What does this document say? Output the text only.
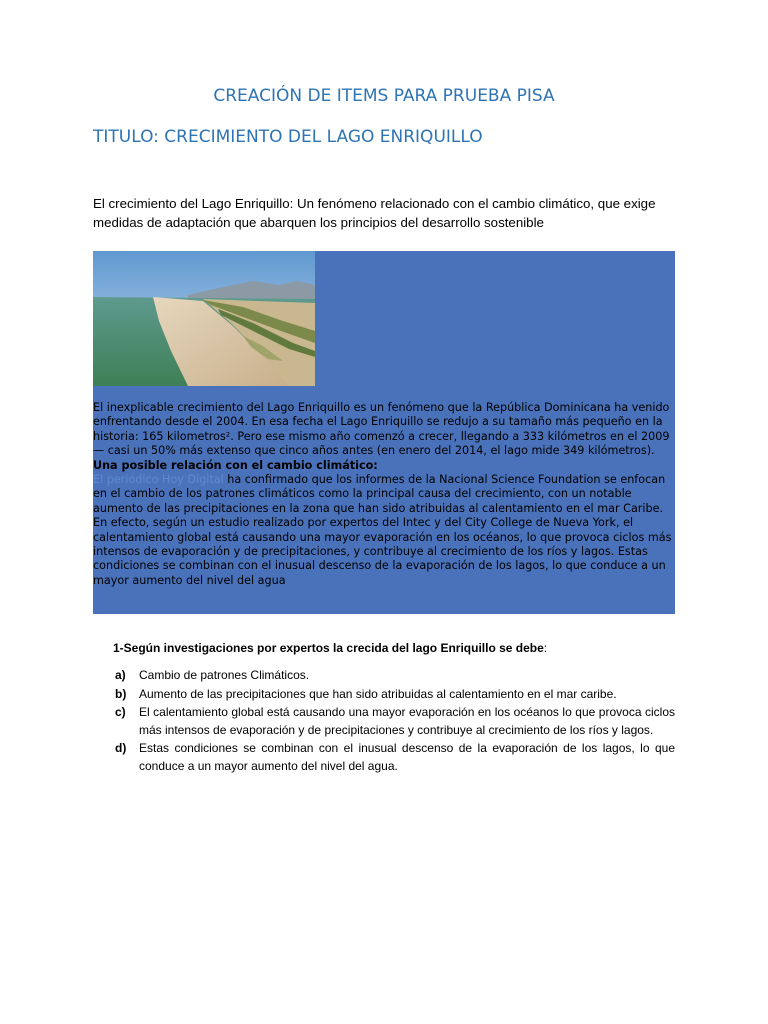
CREACIÓN DE ITEMS PARA PRUEBA PISA
TITULO: CRECIMIENTO DEL LAGO ENRIQUILLO

El crecimiento del Lago Enriquillo: Un fenómeno relacionado con el cambio climático, que exige medidas de adaptación que abarquen los principios del desarrollo sostenible

El inexplicable crecimiento del Lago Enriquillo es un fenómeno que la República Dominicana ha venido enfrentando desde el 2004. En esa fecha el Lago Enriquillo se redujo a su tamaño más pequeño en la historia: 165 kilometros². Pero ese mismo año comenzó a crecer, llegando a 333 kilómetros en el 2009 — casi un 50% más extenso que cinco años antes (en enero del 2014, el lago mide 349 kilómetros).

Una posible relación con el cambio climático:

El periódico Hoy Digital ha confirmado que los informes de la Nacional Science Foundation se enfocan en el cambio de los patrones climáticos como la principal causa del crecimiento, con un notable aumento de las precipitaciones en la zona que han sido atribuidas al calentamiento en el mar Caribe. En efecto, según un estudio realizado por expertos del Intec y del City College de Nueva York, el calentamiento global está causando una mayor evaporación en los océanos, lo que provoca ciclos más intensos de evaporación y de precipitaciones, y contribuye al crecimiento de los ríos y lagos. Estas condiciones se combinan con el inusual descenso de la evaporación de los lagos, lo que conduce a un mayor aumento del nivel del agua

1-Según investigaciones por expertos la crecida del lago Enriquillo se debe:

a) Cambio de patrones Climáticos.
b) Aumento de las precipitaciones que han sido atribuidas al calentamiento en el mar caribe.
c) El calentamiento global está causando una mayor evaporación en los océanos lo que provoca ciclos más intensos de evaporación y de precipitaciones y contribuye al crecimiento de los ríos y lagos.
d) Estas condiciones se combinan con el inusual descenso de la evaporación de los lagos, lo que conduce a un mayor aumento del nivel del agua.
